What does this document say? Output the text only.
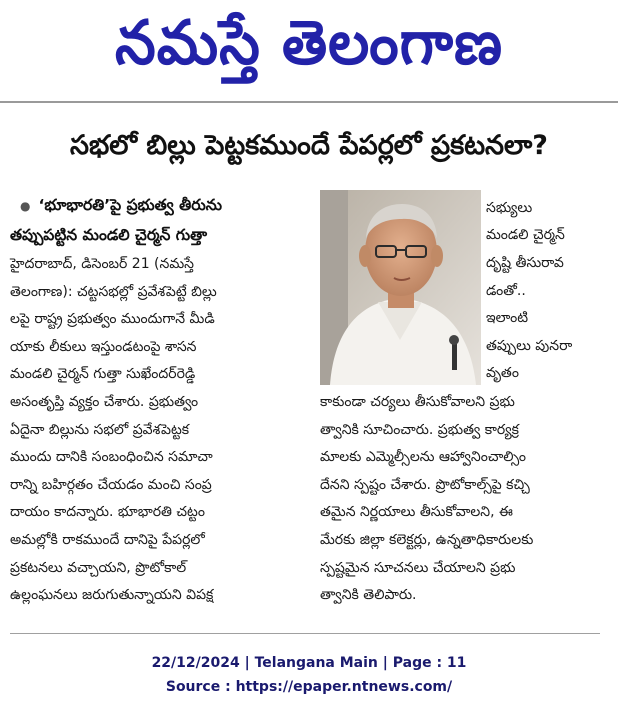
నమస్తే తెలంగాణ
సభలో బిల్లు పెట్టకముందే పేపర్లలో ప్రకటనలా?
● ‘భూభారతి’పై ప్రభుత్వ తీరును
తప్పుపట్టిన మండలి చైర్మన్ గుత్తా
హైదరాబాద్, డిసెంబర్ 21 (నమస్తే
తెలంగాణ): చట్టసభల్లో ప్రవేశపెట్టే బిల్లు
లపై రాష్ట్ర ప్రభుత్వం ముందుగానే మీడి
యాకు లీకులు ఇస్తుండటంపై శాసన
మండలి చైర్మన్ గుత్తా సుఖేందర్‌రెడ్డి
అసంతృప్తి వ్యక్తం చేశారు. ప్రభుత్వం
ఏదైనా బిల్లును సభలో ప్రవేశపెట్టక
ముందు దానికి సంబంధించిన సమాచా
రాన్ని బహిర్గతం చేయడం మంచి సంప్ర
దాయం కాదన్నారు. భూభారతి చట్టం
అమల్లోకి రాకముందే దానిపై పేపర్లలో
ప్రకటనలు వచ్చాయని, ప్రొటోకాల్
ఉల్లంఘనలు జరుగుతున్నాయని విపక్ష
సభ్యులు
మండలి చైర్మన్
దృష్టి తీసురావ
డంతో..
ఇలాంటి
తప్పులు పునరా
వృతం
కాకుండా చర్యలు తీసుకోవాలని ప్రభు
త్వానికి సూచించారు. ప్రభుత్వ కార్యక్ర
మాలకు ఎమ్మెల్సీలను ఆహ్వానించాల్సిం
దేనని స్పష్టం చేశారు. ప్రొటోకాల్స్‌పై కచ్చి
తమైన నిర్ణయాలు తీసుకోవాలని, ఈ
మేరకు జిల్లా కలెక్టర్లు, ఉన్నతాధికారులకు
స్పష్టమైన సూచనలు చేయాలని ప్రభు
త్వానికి తెలిపారు.
22/12/2024 | Telangana Main | Page : 11
Source : https://epaper.ntnews.com/
